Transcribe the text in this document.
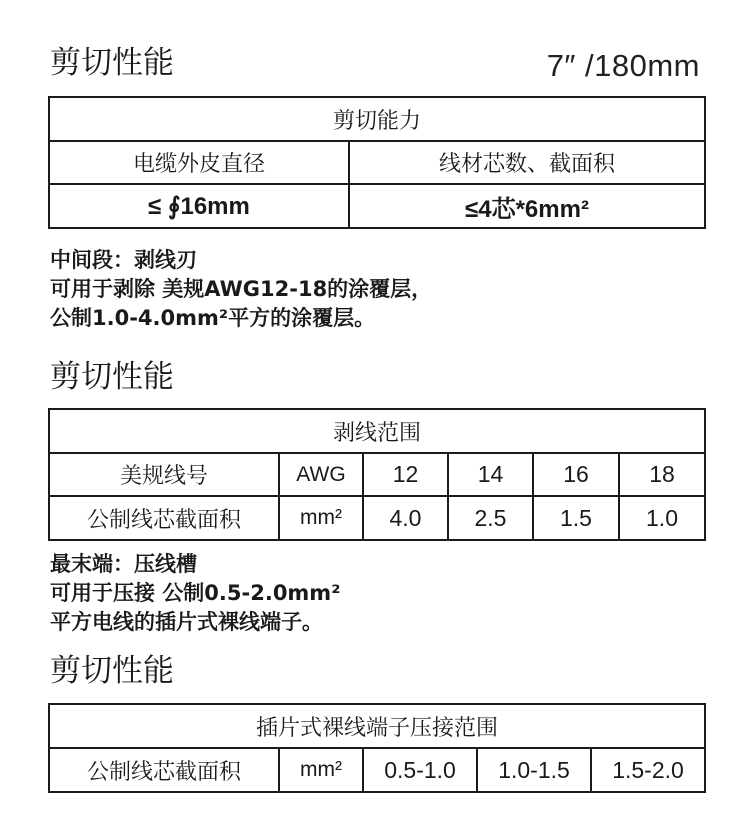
剪切性能	7″ /180mm
剪切能力	
电缆外皮直径	线材芯数、截面积
≤ ∮16mm	≤4芯*6mm²

中间段：剥线刃

可用于剥除 美规AWG12-18的涂覆层，

公制1.0-4.0mm²平方的涂覆层。

剪切性能
剥线范围					
美规线号	AWG	12	14	16	18
公制线芯截面积	mm²	4.0	2.5	1.5	1.0

最末端：压线槽

可用于压接 公制0.5-2.0mm²

平方电线的插片式裸线端子。

剪切性能
插片式裸线端子压接范围
公制线芯截面积	mm²	0.5-1.0	1.0-1.5	1.5-2.0
